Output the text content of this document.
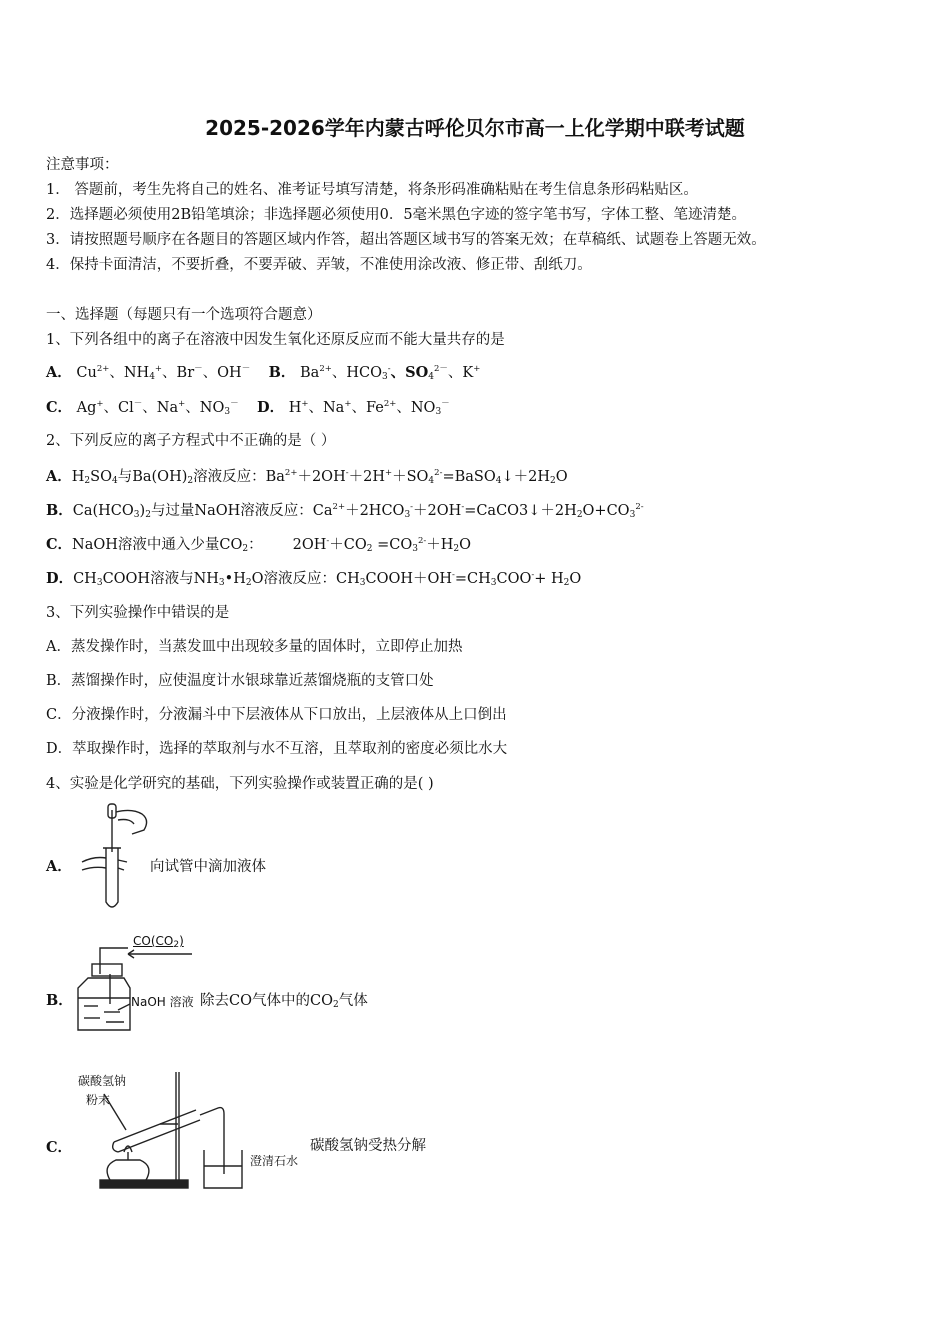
2025-2026学年内蒙古呼伦贝尔市高一上化学期中联考试题
注意事项：
1． 答题前，考生先将自己的姓名、准考证号填写清楚，将条形码准确粘贴在考生信息条形码粘贴区。
2．选择题必须使用2B铅笔填涂；非选择题必须使用0．5毫米黑色字迹的签字笔书写，字体工整、笔迹清楚。
3．请按照题号顺序在各题目的答题区域内作答，超出答题区域书写的答案无效；在草稿纸、试题卷上答题无效。
4．保持卡面清洁，不要折叠，不要弄破、弄皱，不准使用涂改液、修正带、刮纸刀。
一、选择题（每题只有一个选项符合题意）
1、下列各组中的离子在溶液中因发生氧化还原反应而不能大量共存的是
A． $Cu^{2+}$、$NH_4^+$、Br－、OH－ B． $Ba^{2+}$、$HCO_3^-$、$SO_4^{2-}$、K+
C． Ag+、Cl－、Na+、$NO_3^-$ D． H+、Na+、$Fe^{2+}$、$NO_3^-$
2、下列反应的离子方程式中不正确的是（ ）
A．$H_2SO_4$与$Ba(OH)_2$溶液反应：$Ba^{2+}+2OH^-+2H^++SO_4^{2-}=BaSO_4↓+2H_2O$
B．$Ca(HCO_3)_2$与过量NaOH溶液反应：$Ca^{2+}+2HCO_3^-+2OH^-=CaCO3↓+2H_2O+CO_3^{2-}$
C．NaOH溶液中通入少量$CO_2$： $2OH^-+CO_2 =CO_3^{2-}+H_2O$
D．$CH_3COOH$溶液与$NH_3•H_2O$溶液反应：$CH_3COOH+OH^-=CH_3COO^-+ H_2O$
3、下列实验操作中错误的是
A．蒸发操作时，当蒸发皿中出现较多量的固体时，立即停止加热
B．蒸馏操作时，应使温度计水银球靠近蒸馏烧瓶的支管口处
C．分液操作时，分液漏斗中下层液体从下口放出，上层液体从上口倒出
D．萃取操作时，选择的萃取剂与水不互溶，且萃取剂的密度必须比水大
4、实验是化学研究的基础，下列实验操作或装置正确的是( )
A．	向试管中滴加液体
B．
$CO(CO_2)$
NaOH 溶液 除去CO气体中的$CO_2$气体
C．
碳酸氢钠
粉末
澄清石水
碳酸氢钠受热分解
